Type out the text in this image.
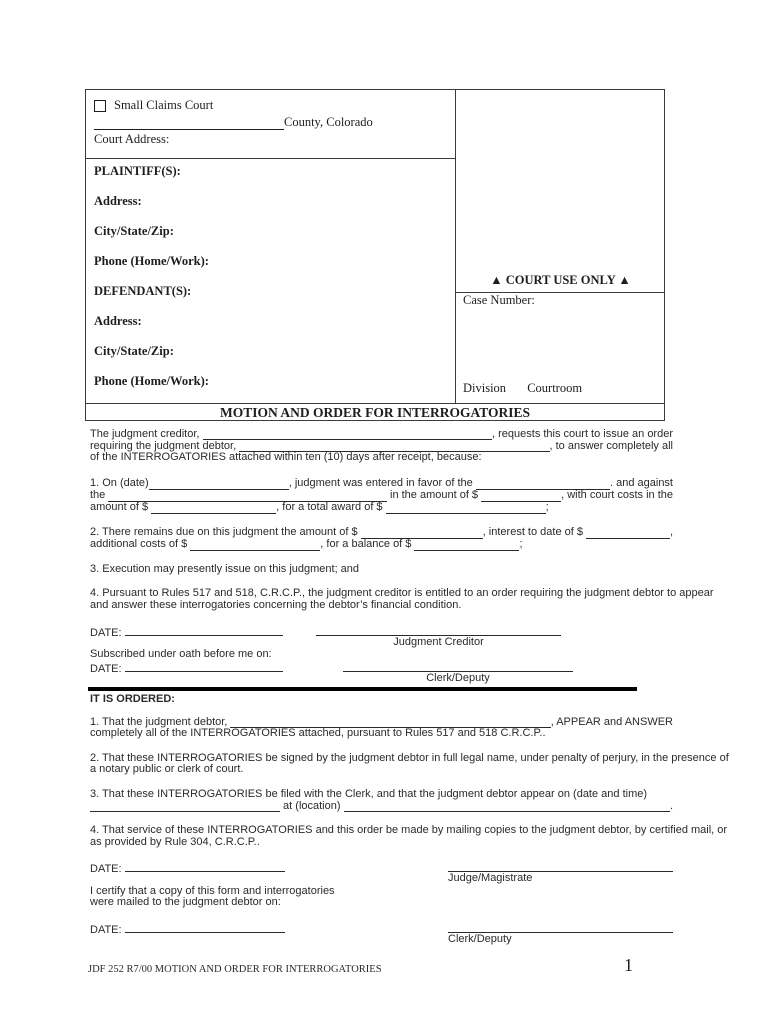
Small Claims Court
County, Colorado
Court Address:
PLAINTIFF(S):
Address:
City/State/Zip:
Phone (Home/Work):
DEFENDANT(S):
Address:
City/State/Zip:
Phone (Home/Work):
▲ COURT USE ONLY ▲
Case Number:
Division Courtroom
MOTION AND ORDER FOR INTERROGATORIES
The judgment creditor,	, requests this court to issue an order
requiring the judgment debtor,	, to answer completely all
of the INTERROGATORIES attached within ten (10) days after receipt, because:
1. On (date)	, judgment was entered in favor of the	. and against
the	in the amount of $	, with court costs in the
amount of $	, for a total award of $	;
2. There remains due on this judgment the amount of $	, interest to date of $	,
additional costs of $	, for a balance of $	;
3. Execution may presently issue on this judgment; and
4. Pursuant to Rules 517 and 518, C.R.C.P., the judgment creditor is entitled to an order requiring the judgment debtor to appear
and answer these interrogatories concerning the debtor’s financial condition.
DATE:
Judgment Creditor
Subscribed under oath before me on:
DATE:
Clerk/Deputy
IT IS ORDERED:
1. That the judgment debtor,	, APPEAR and ANSWER
completely all of the INTERROGATORIES attached, pursuant to Rules 517 and 518 C.R.C.P..
2. That these INTERROGATORIES be signed by the judgment debtor in full legal name, under penalty of perjury, in the presence of
a notary public or clerk of court.
3. That these INTERROGATORIES be filed with the Clerk, and that the judgment debtor appear on (date and time)
at (location)	.
4. That service of these INTERROGATORIES and this order be made by mailing copies to the judgment debtor, by certified mail, or
as provided by Rule 304, C.R.C.P..
DATE:
Judge/Magistrate
I certify that a copy of this form and interrogatories
were mailed to the judgment debtor on:
DATE:
Clerk/Deputy
JDF 252 R7/00 MOTION AND ORDER FOR INTERROGATORIES	1
